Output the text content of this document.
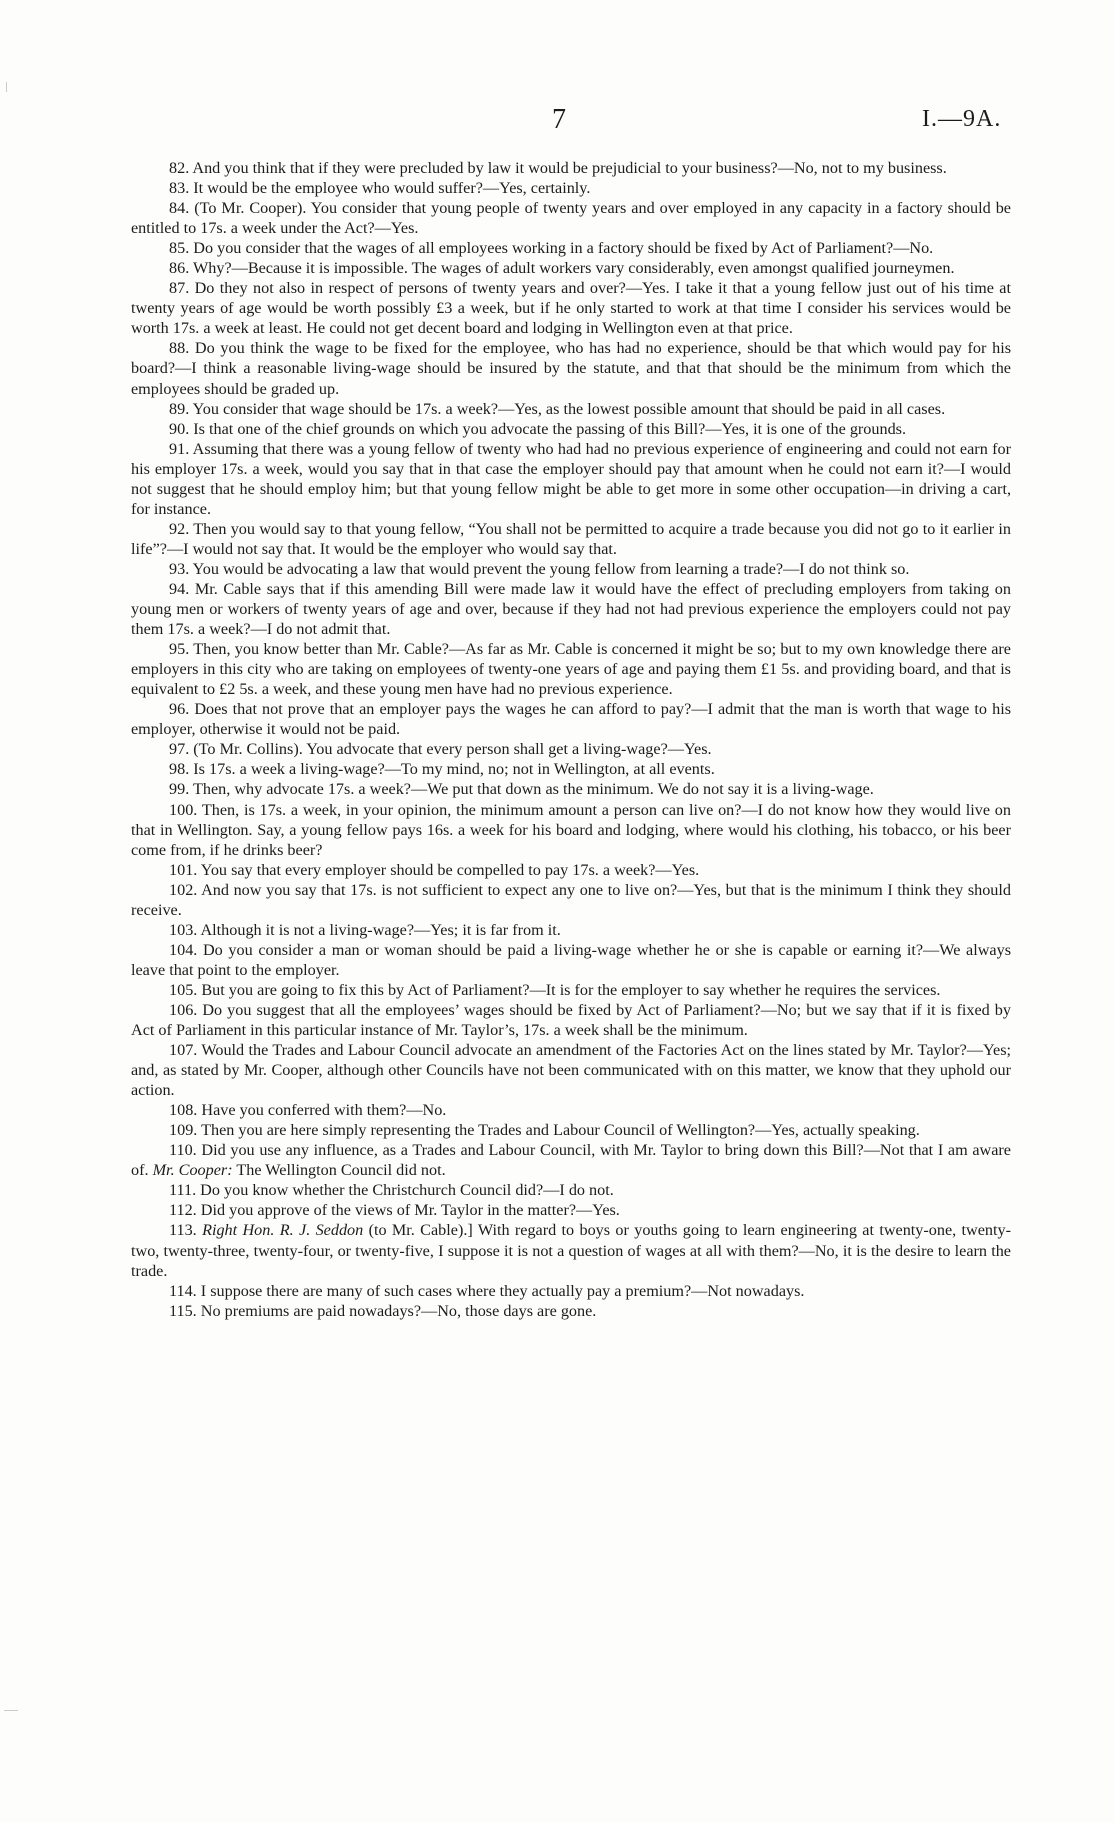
7	I.—9A.

82. And you think that if they were precluded by law it would be prejudicial to your business?—No, not to my business.

83. It would be the employee who would suffer?—Yes, certainly.

84. (To Mr. Cooper). You consider that young people of twenty years and over employed in any capacity in a factory should be entitled to 17s. a week under the Act?—Yes.

85. Do you consider that the wages of all employees working in a factory should be fixed by Act of Parliament?—No.

86. Why?—Because it is impossible. The wages of adult workers vary considerably, even amongst qualified journeymen.

87. Do they not also in respect of persons of twenty years and over?—Yes. I take it that a young fellow just out of his time at twenty years of age would be worth possibly £3 a week, but if he only started to work at that time I consider his services would be worth 17s. a week at least. He could not get decent board and lodging in Wellington even at that price.

88. Do you think the wage to be fixed for the employee, who has had no experience, should be that which would pay for his board?—I think a reasonable living-wage should be insured by the statute, and that that should be the minimum from which the employees should be graded up.

89. You consider that wage should be 17s. a week?—Yes, as the lowest possible amount that should be paid in all cases.

90. Is that one of the chief grounds on which you advocate the passing of this Bill?—Yes, it is one of the grounds.

91. Assuming that there was a young fellow of twenty who had had no previous experience of engineering and could not earn for his employer 17s. a week, would you say that in that case the employer should pay that amount when he could not earn it?—I would not suggest that he should employ him; but that young fellow might be able to get more in some other occupation—in driving a cart, for instance.

92. Then you would say to that young fellow, “You shall not be permitted to acquire a trade because you did not go to it earlier in life”?—I would not say that. It would be the employer who would say that.

93. You would be advocating a law that would prevent the young fellow from learning a trade?—I do not think so.

94. Mr. Cable says that if this amending Bill were made law it would have the effect of precluding employers from taking on young men or workers of twenty years of age and over, because if they had not had previous experience the employers could not pay them 17s. a week?—I do not admit that.

95. Then, you know better than Mr. Cable?—As far as Mr. Cable is concerned it might be so; but to my own knowledge there are employers in this city who are taking on employees of twenty-one years of age and paying them £1 5s. and providing board, and that is equivalent to £2 5s. a week, and these young men have had no previous experience.

96. Does that not prove that an employer pays the wages he can afford to pay?—I admit that the man is worth that wage to his employer, otherwise it would not be paid.

97. (To Mr. Collins). You advocate that every person shall get a living-wage?—Yes.

98. Is 17s. a week a living-wage?—To my mind, no; not in Wellington, at all events.

99. Then, why advocate 17s. a week?—We put that down as the minimum. We do not say it is a living-wage.

100. Then, is 17s. a week, in your opinion, the minimum amount a person can live on?—I do not know how they would live on that in Wellington. Say, a young fellow pays 16s. a week for his board and lodging, where would his clothing, his tobacco, or his beer come from, if he drinks beer?

101. You say that every employer should be compelled to pay 17s. a week?—Yes.

102. And now you say that 17s. is not sufficient to expect any one to live on?—Yes, but that is the minimum I think they should receive.

103. Although it is not a living-wage?—Yes; it is far from it.

104. Do you consider a man or woman should be paid a living-wage whether he or she is capable or earning it?—We always leave that point to the employer.

105. But you are going to fix this by Act of Parliament?—It is for the employer to say whether he requires the services.

106. Do you suggest that all the employees’ wages should be fixed by Act of Parliament?—No; but we say that if it is fixed by Act of Parliament in this particular instance of Mr. Taylor’s, 17s. a week shall be the minimum.

107. Would the Trades and Labour Council advocate an amendment of the Factories Act on the lines stated by Mr. Taylor?—Yes; and, as stated by Mr. Cooper, although other Councils have not been communicated with on this matter, we know that they uphold our action.

108. Have you conferred with them?—No.

109. Then you are here simply representing the Trades and Labour Council of Wellington?—Yes, actually speaking.

110. Did you use any influence, as a Trades and Labour Council, with Mr. Taylor to bring down this Bill?—Not that I am aware of. Mr. Cooper: The Wellington Council did not.

111. Do you know whether the Christchurch Council did?—I do not.

112. Did you approve of the views of Mr. Taylor in the matter?—Yes.

113. Right Hon. R. J. Seddon (to Mr. Cable).] With regard to boys or youths going to learn engineering at twenty-one, twenty-two, twenty-three, twenty-four, or twenty-five, I suppose it is not a question of wages at all with them?—No, it is the desire to learn the trade.

114. I suppose there are many of such cases where they actually pay a premium?—Not nowadays.

115. No premiums are paid nowadays?—No, those days are gone.
